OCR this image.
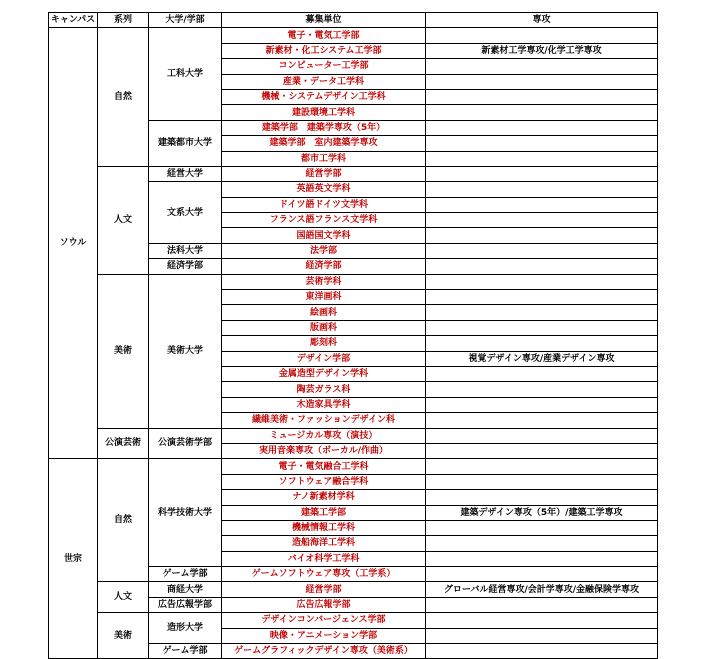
キャンパス	系列	大学/学部	募集単位	専攻
ソウル	自然	工科大学	電子・電気工学部	
			新素材・化工システム工学部	新素材工学専攻/化学工学専攻
			コンピューター工学部	
			産業・データ工学科	
			機械・システムデザイン工学科	
			建設環境工学科	
		建築都市大学	建築学部　建築学専攻（5年）	
			建築学部　室内建築学専攻	
			都市工学科	
	人文	経営大学	経営学部	
		文系大学	英語英文学科	
			ドイツ語ドイツ文学科	
			フランス語フランス文学科	
			国語国文学科	
		法科大学	法学部	
		経済学部	経済学部	
	美術	美術大学	芸術学科	
			東洋画科	
			絵画科	
			版画科	
			彫刻科	
			デザイン学部	視覚デザイン専攻/産業デザイン専攻
			金属造型デザイン学科	
			陶芸ガラス科	
			木造家具学科	
			繊維美術・ファッションデザイン科	
	公演芸術	公演芸術学部	ミュージカル専攻（演技）	
			実用音楽専攻（ボーカル/作曲）	
世宗	自然	科学技術大学	電子・電気融合工学科	
			ソフトウェア融合学科	
			ナノ新素材学科	
			建築工学部	建築デザイン専攻（5年）/建築工学専攻
			機械情報工学科	
			造船海洋工学科	
			バイオ科学工学科	
		ゲーム学部	ゲームソフトウェア専攻（工学系）	
	人文	商経大学	経営学部	グローバル経営専攻/会計学専攻/金融保険学専攻
		広告広報学部	広告広報学部	
	美術	造形大学	デザインコンバージェンス学部	
			映像・アニメーション学部	
		ゲーム学部	ゲームグラフィックデザイン専攻（美術系）	
